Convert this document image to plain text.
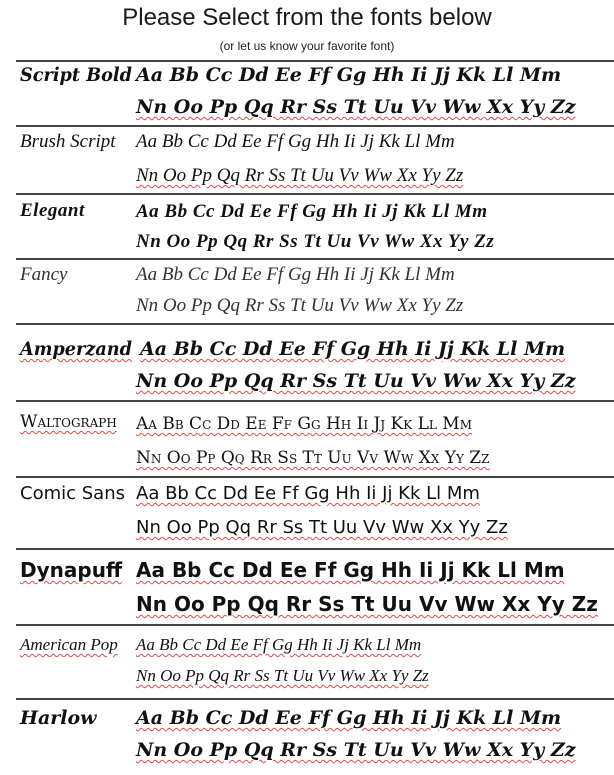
Please Select from the fonts below
(or let us know your favorite font)
Script Bold Aa Bb Cc Dd Ee Ff Gg Hh Ii Jj Kk Ll Mm
Nn Oo Pp Qq Rr Ss Tt Uu Vv Ww Xx Yy Zz
Brush Script Aa Bb Cc Dd Ee Ff Gg Hh Ii Jj Kk Ll Mm
Nn Oo Pp Qq Rr Ss Tt Uu Vv Ww Xx Yy Zz
Elegant	Aa Bb Cc Dd Ee Ff Gg Hh Ii Jj Kk Ll Mm
Nn Oo Pp Qq Rr Ss Tt Uu Vv Ww Xx Yy Zz
Fancy	Aa Bb Cc Dd Ee Ff Gg Hh Ii Jj Kk Ll Mm
Nn Oo Pp Qq Rr Ss Tt Uu Vv Ww Xx Yy Zz
Amperzand Aa Bb Cc Dd Ee Ff Gg Hh Ii Jj Kk Ll Mm
Nn Oo Pp Qq Rr Ss Tt Uu Vv Ww Xx Yy Zz
Waltograph Aa Bb Cc Dd Ee Ff Gg Hh Ii Jj Kk Ll Mm
Nn Oo Pp Qq Rr Ss Tt Uu Vv Ww Xx Yy Zz
Comic Sans Aa Bb Cc Dd Ee Ff Gg Hh Ii Jj Kk Ll Mm
Nn Oo Pp Qq Rr Ss Tt Uu Vv Ww Xx Yy Zz
Dynapuff Aa Bb Cc Dd Ee Ff Gg Hh Ii Jj Kk Ll Mm
Nn Oo Pp Qq Rr Ss Tt Uu Vv Ww Xx Yy Zz
American Pop Aa Bb Cc Dd Ee Ff Gg Hh Ii Jj Kk Ll Mm
Nn Oo Pp Qq Rr Ss Tt Uu Vv Ww Xx Yy Zz
Harlow Aa Bb Cc Dd Ee Ff Gg Hh Ii Jj Kk Ll Mm
Nn Oo Pp Qq Rr Ss Tt Uu Vv Ww Xx Yy Zz
